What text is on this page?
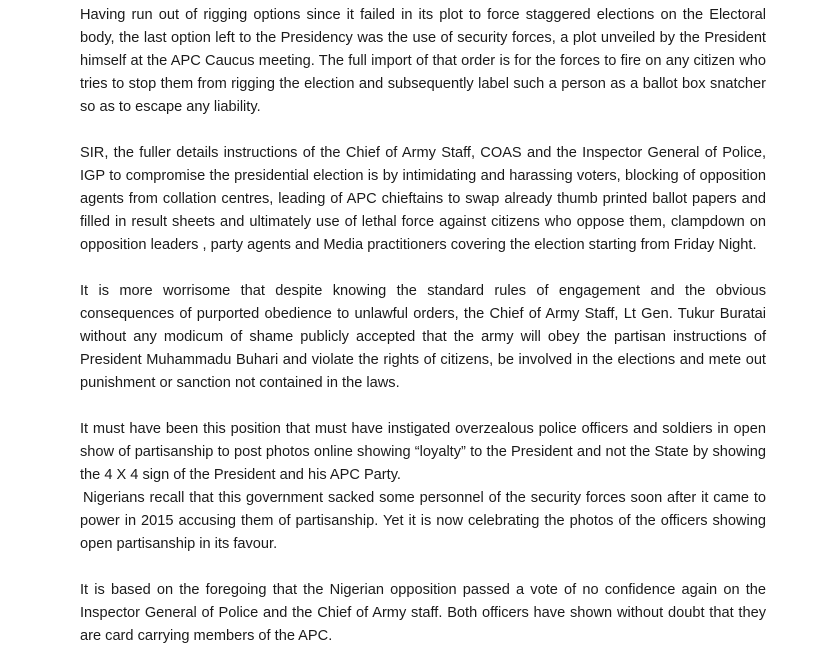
Having run out of rigging options since it failed in its plot to force staggered elections on the Electoral body, the last option left to the Presidency was the use of security forces, a plot unveiled by the President himself at the APC Caucus meeting. The full import of that order is for the forces to fire on any citizen who tries to stop them from rigging the election and subsequently label such a person as a ballot box snatcher so as to escape any liability.

SIR, the fuller details instructions of the Chief of Army Staff, COAS and the Inspector General of Police, IGP to compromise the presidential election is by intimidating and harassing voters, blocking of opposition agents from collation centres, leading of APC chieftains to swap already thumb printed ballot papers and filled in result sheets and ultimately use of lethal force against citizens who oppose them, clampdown on opposition leaders , party agents and Media practitioners covering the election starting from Friday Night.

It is more worrisome that despite knowing the standard rules of engagement and the obvious consequences of purported obedience to unlawful orders, the Chief of Army Staff, Lt Gen. Tukur Buratai without any modicum of shame publicly accepted that the army will obey the partisan instructions of President Muhammadu Buhari and violate the rights of citizens, be involved in the elections and mete out punishment or sanction not contained in the laws.

It must have been this position that must have instigated overzealous police officers and soldiers in open show of partisanship to post photos online showing “loyalty” to the President and not the State by showing the 4 X 4 sign of the President and his APC Party.

Nigerians recall that this government sacked some personnel of the security forces soon after it came to power in 2015 accusing them of partisanship. Yet it is now celebrating the photos of the officers showing open partisanship in its favour.

It is based on the foregoing that the Nigerian opposition passed a vote of no confidence again on the Inspector General of Police and the Chief of Army staff. Both officers have shown without doubt that they are card carrying members of the APC.
